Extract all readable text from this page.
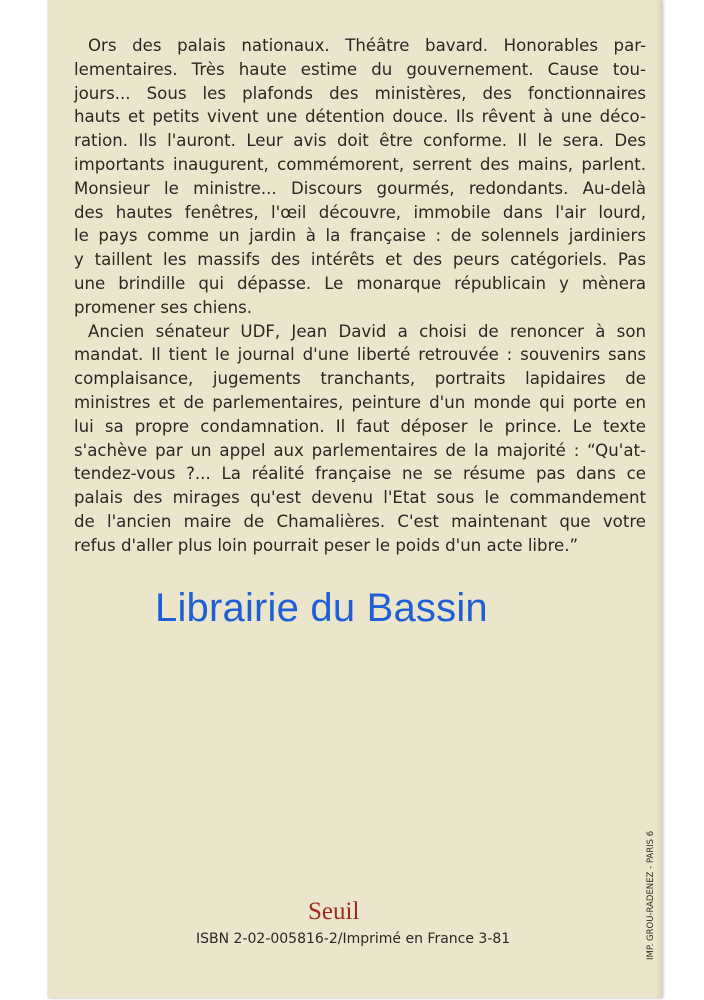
Ors des palais nationaux. Théâtre bavard. Honorables par-
lementaires. Très haute estime du gouvernement. Cause tou-
jours... Sous les plafonds des ministères, des fonctionnaires
hauts et petits vivent une détention douce. Ils rêvent à une déco-
ration. Ils l'auront. Leur avis doit être conforme. Il le sera. Des
importants inaugurent, commémorent, serrent des mains, parlent.
Monsieur le ministre... Discours gourmés, redondants. Au-delà
des hautes fenêtres, l'œil découvre, immobile dans l'air lourd,
le pays comme un jardin à la française : de solennels jardiniers
y taillent les massifs des intérêts et des peurs catégoriels. Pas
une brindille qui dépasse. Le monarque républicain y mènera
promener ses chiens.

Ancien sénateur UDF, Jean David a choisi de renoncer à son
mandat. Il tient le journal d'une liberté retrouvée : souvenirs sans
complaisance, jugements tranchants, portraits lapidaires de
ministres et de parlementaires, peinture d'un monde qui porte en
lui sa propre condamnation. Il faut déposer le prince. Le texte
s'achève par un appel aux parlementaires de la majorité : “Qu'at-
tendez-vous ?... La réalité française ne se résume pas dans ce
palais des mirages qu'est devenu l'Etat sous le commandement
de l'ancien maire de Chamalières. C'est maintenant que votre
refus d'aller plus loin pourrait peser le poids d'un acte libre.”

Librairie du Bassin
Seuil
ISBN 2-02-005816-2/Imprimé en France 3-81	IMP. GROU-RADENEZ - PARIS 6
